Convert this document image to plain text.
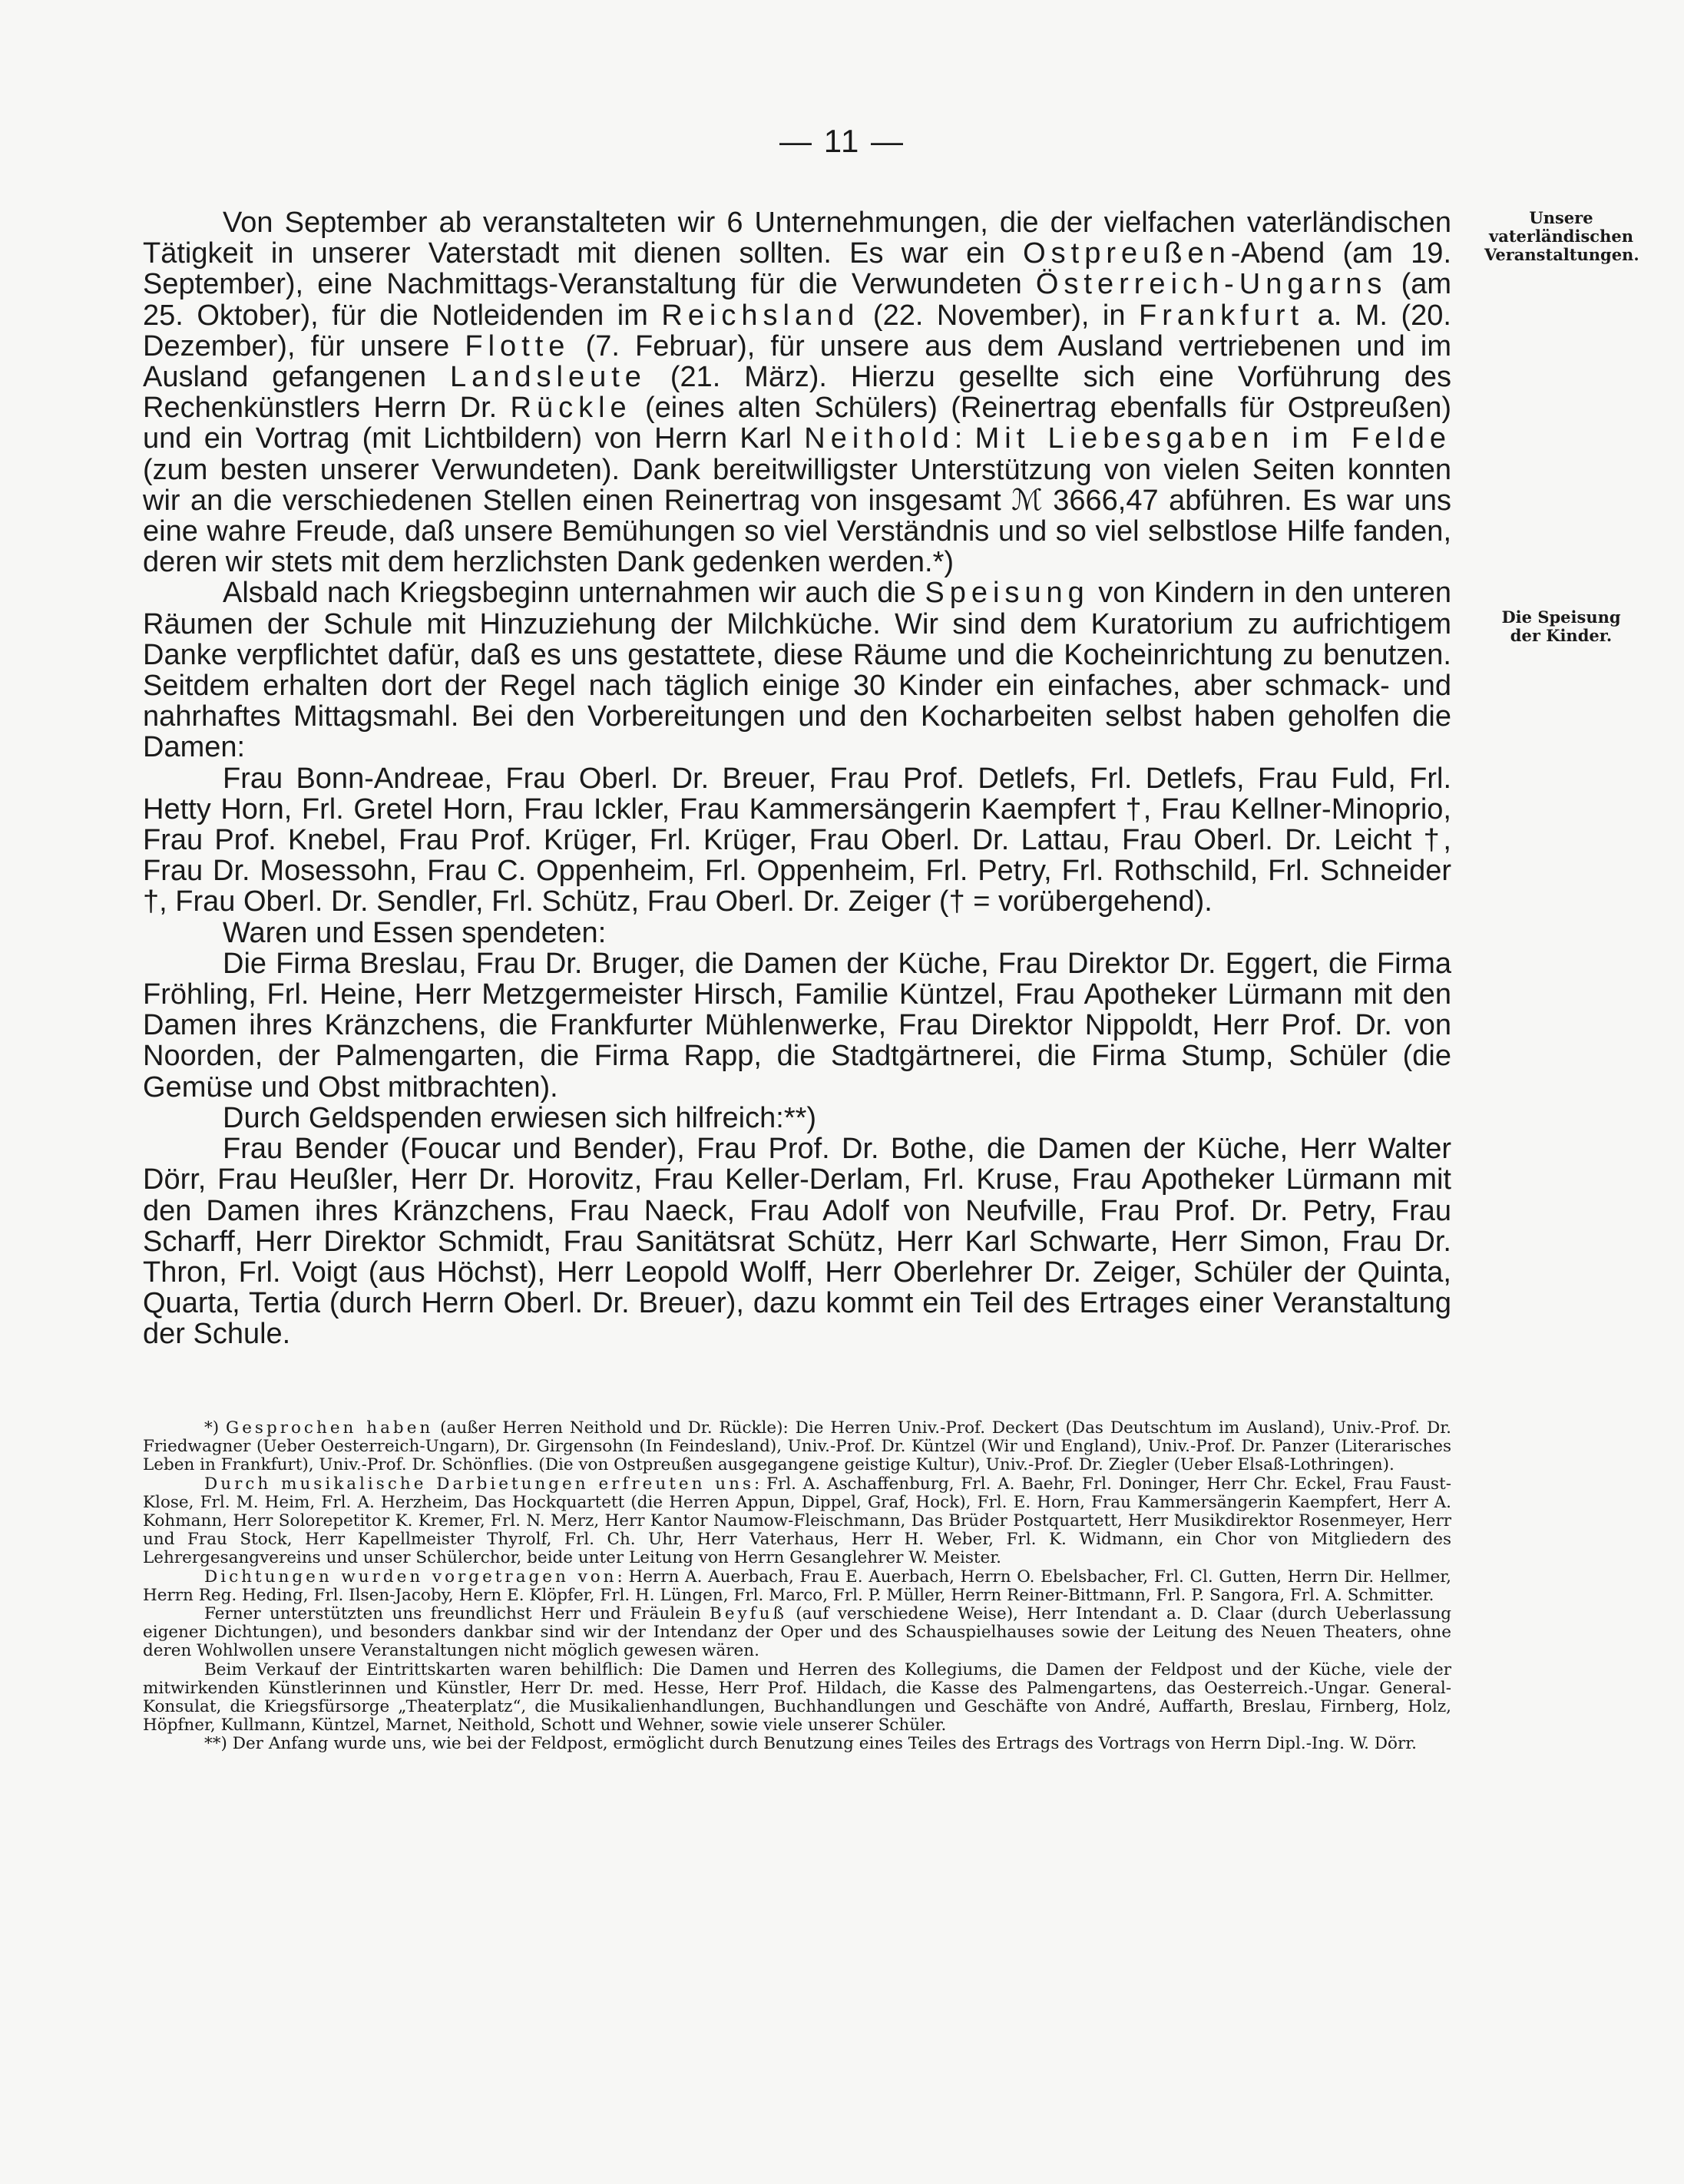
— 11 —
Unsere vaterländischen Veranstaltungen.
Die Speisung der Kinder.

Von September ab veranstalteten wir 6 Unternehmungen, die der vielfachen vaterländischen Tätigkeit in unserer Vaterstadt mit dienen sollten. Es war ein Ostpreußen-Abend (am 19. September), eine Nachmittags-Veranstaltung für die Verwundeten Österreich-Ungarns (am 25. Oktober), für die Notleidenden im Reichsland (22. November), in Frankfurt a. M. (20. Dezember), für unsere Flotte (7. Februar), für unsere aus dem Ausland vertriebenen und im Ausland gefangenen Landsleute (21. März). Hierzu gesellte sich eine Vorführung des Rechenkünstlers Herrn Dr. Rückle (eines alten Schülers) (Reinertrag ebenfalls für Ostpreußen) und ein Vortrag (mit Lichtbildern) von Herrn Karl Neithold: Mit Liebesgaben im Felde (zum besten unserer Verwundeten). Dank bereitwilligster Unterstützung von vielen Seiten konnten wir an die verschiedenen Stellen einen Reinertrag von insgesamt ℳ 3666,47 abführen. Es war uns eine wahre Freude, daß unsere Bemühungen so viel Verständnis und so viel selbstlose Hilfe fanden, deren wir stets mit dem herzlichsten Dank gedenken werden.*)

Alsbald nach Kriegsbeginn unternahmen wir auch die Speisung von Kindern in den unteren Räumen der Schule mit Hinzuziehung der Milchküche. Wir sind dem Kuratorium zu aufrichtigem Danke verpflichtet dafür, daß es uns gestattete, diese Räume und die Kocheinrichtung zu benutzen. Seitdem erhalten dort der Regel nach täglich einige 30 Kinder ein einfaches, aber schmack- und nahrhaftes Mittagsmahl. Bei den Vorbereitungen und den Kocharbeiten selbst haben geholfen die Damen:

Frau Bonn-Andreae, Frau Oberl. Dr. Breuer, Frau Prof. Detlefs, Frl. Detlefs, Frau Fuld, Frl. Hetty Horn, Frl. Gretel Horn, Frau Ickler, Frau Kammersängerin Kaempfert †, Frau Kellner-Minoprio, Frau Prof. Knebel, Frau Prof. Krüger, Frl. Krüger, Frau Oberl. Dr. Lattau, Frau Oberl. Dr. Leicht †, Frau Dr. Mosessohn, Frau C. Oppenheim, Frl. Oppenheim, Frl. Petry, Frl. Rothschild, Frl. Schneider †, Frau Oberl. Dr. Sendler, Frl. Schütz, Frau Oberl. Dr. Zeiger († = vorübergehend).

Waren und Essen spendeten:

Die Firma Breslau, Frau Dr. Bruger, die Damen der Küche, Frau Direktor Dr. Eggert, die Firma Fröhling, Frl. Heine, Herr Metzgermeister Hirsch, Familie Küntzel, Frau Apotheker Lürmann mit den Damen ihres Kränzchens, die Frankfurter Mühlenwerke, Frau Direktor Nippoldt, Herr Prof. Dr. von Noorden, der Palmengarten, die Firma Rapp, die Stadtgärtnerei, die Firma Stump, Schüler (die Gemüse und Obst mitbrachten).

Durch Geldspenden erwiesen sich hilfreich:**)

Frau Bender (Foucar und Bender), Frau Prof. Dr. Bothe, die Damen der Küche, Herr Walter Dörr, Frau Heußler, Herr Dr. Horovitz, Frau Keller-Derlam, Frl. Kruse, Frau Apotheker Lürmann mit den Damen ihres Kränzchens, Frau Naeck, Frau Adolf von Neufville, Frau Prof. Dr. Petry, Frau Scharff, Herr Direktor Schmidt, Frau Sanitätsrat Schütz, Herr Karl Schwarte, Herr Simon, Frau Dr. Thron, Frl. Voigt (aus Höchst), Herr Leopold Wolff, Herr Oberlehrer Dr. Zeiger, Schüler der Quinta, Quarta, Tertia (durch Herrn Oberl. Dr. Breuer), dazu kommt ein Teil des Ertrages einer Veranstaltung der Schule.

*) Gesprochen haben (außer Herren Neithold und Dr. Rückle): Die Herren Univ.-Prof. Deckert (Das Deutschtum im Ausland), Univ.-Prof. Dr. Friedwagner (Ueber Oesterreich-Ungarn), Dr. Girgensohn (In Feindesland), Univ.-Prof. Dr. Küntzel (Wir und England), Univ.-Prof. Dr. Panzer (Literarisches Leben in Frankfurt), Univ.-Prof. Dr. Schönflies. (Die von Ostpreußen ausgegangene geistige Kultur), Univ.-Prof. Dr. Ziegler (Ueber Elsaß-Lothringen).

Durch musikalische Darbietungen erfreuten uns: Frl. A. Aschaffenburg, Frl. A. Baehr, Frl. Doninger, Herr Chr. Eckel, Frau Faust-Klose, Frl. M. Heim, Frl. A. Herzheim, Das Hockquartett (die Herren Appun, Dippel, Graf, Hock), Frl. E. Horn, Frau Kammersängerin Kaempfert, Herr A. Kohmann, Herr Solorepetitor K. Kremer, Frl. N. Merz, Herr Kantor Naumow-Fleischmann, Das Brüder Postquartett, Herr Musikdirektor Rosenmeyer, Herr und Frau Stock, Herr Kapellmeister Thyrolf, Frl. Ch. Uhr, Herr Vaterhaus, Herr H. Weber, Frl. K. Widmann, ein Chor von Mitgliedern des Lehrergesangvereins und unser Schülerchor, beide unter Leitung von Herrn Gesanglehrer W. Meister.

Dichtungen wurden vorgetragen von: Herrn A. Auerbach, Frau E. Auerbach, Herrn O. Ebelsbacher, Frl. Cl. Gutten, Herrn Dir. Hellmer, Herrn Reg. Heding, Frl. Ilsen-Jacoby, Hern E. Klöpfer, Frl. H. Lüngen, Frl. Marco, Frl. P. Müller, Herrn Reiner-Bittmann, Frl. P. Sangora, Frl. A. Schmitter.

Ferner unterstützten uns freundlichst Herr und Fräulein Beyfuß (auf verschiedene Weise), Herr Intendant a. D. Claar (durch Ueberlassung eigener Dichtungen), und besonders dankbar sind wir der Intendanz der Oper und des Schauspielhauses sowie der Leitung des Neuen Theaters, ohne deren Wohlwollen unsere Veranstaltungen nicht möglich gewesen wären.

Beim Verkauf der Eintrittskarten waren behilflich: Die Damen und Herren des Kollegiums, die Damen der Feldpost und der Küche, viele der mitwirkenden Künstlerinnen und Künstler, Herr Dr. med. Hesse, Herr Prof. Hildach, die Kasse des Palmengartens, das Oesterreich.-Ungar. General-Konsulat, die Kriegsfürsorge „Theaterplatz“, die Musikalienhandlungen, Buchhandlungen und Geschäfte von André, Auffarth, Breslau, Firnberg, Holz, Höpfner, Kullmann, Küntzel, Marnet, Neithold, Schott und Wehner, sowie viele unserer Schüler.

**) Der Anfang wurde uns, wie bei der Feldpost, ermöglicht durch Benutzung eines Teiles des Ertrags des Vortrags von Herrn Dipl.-Ing. W. Dörr.
